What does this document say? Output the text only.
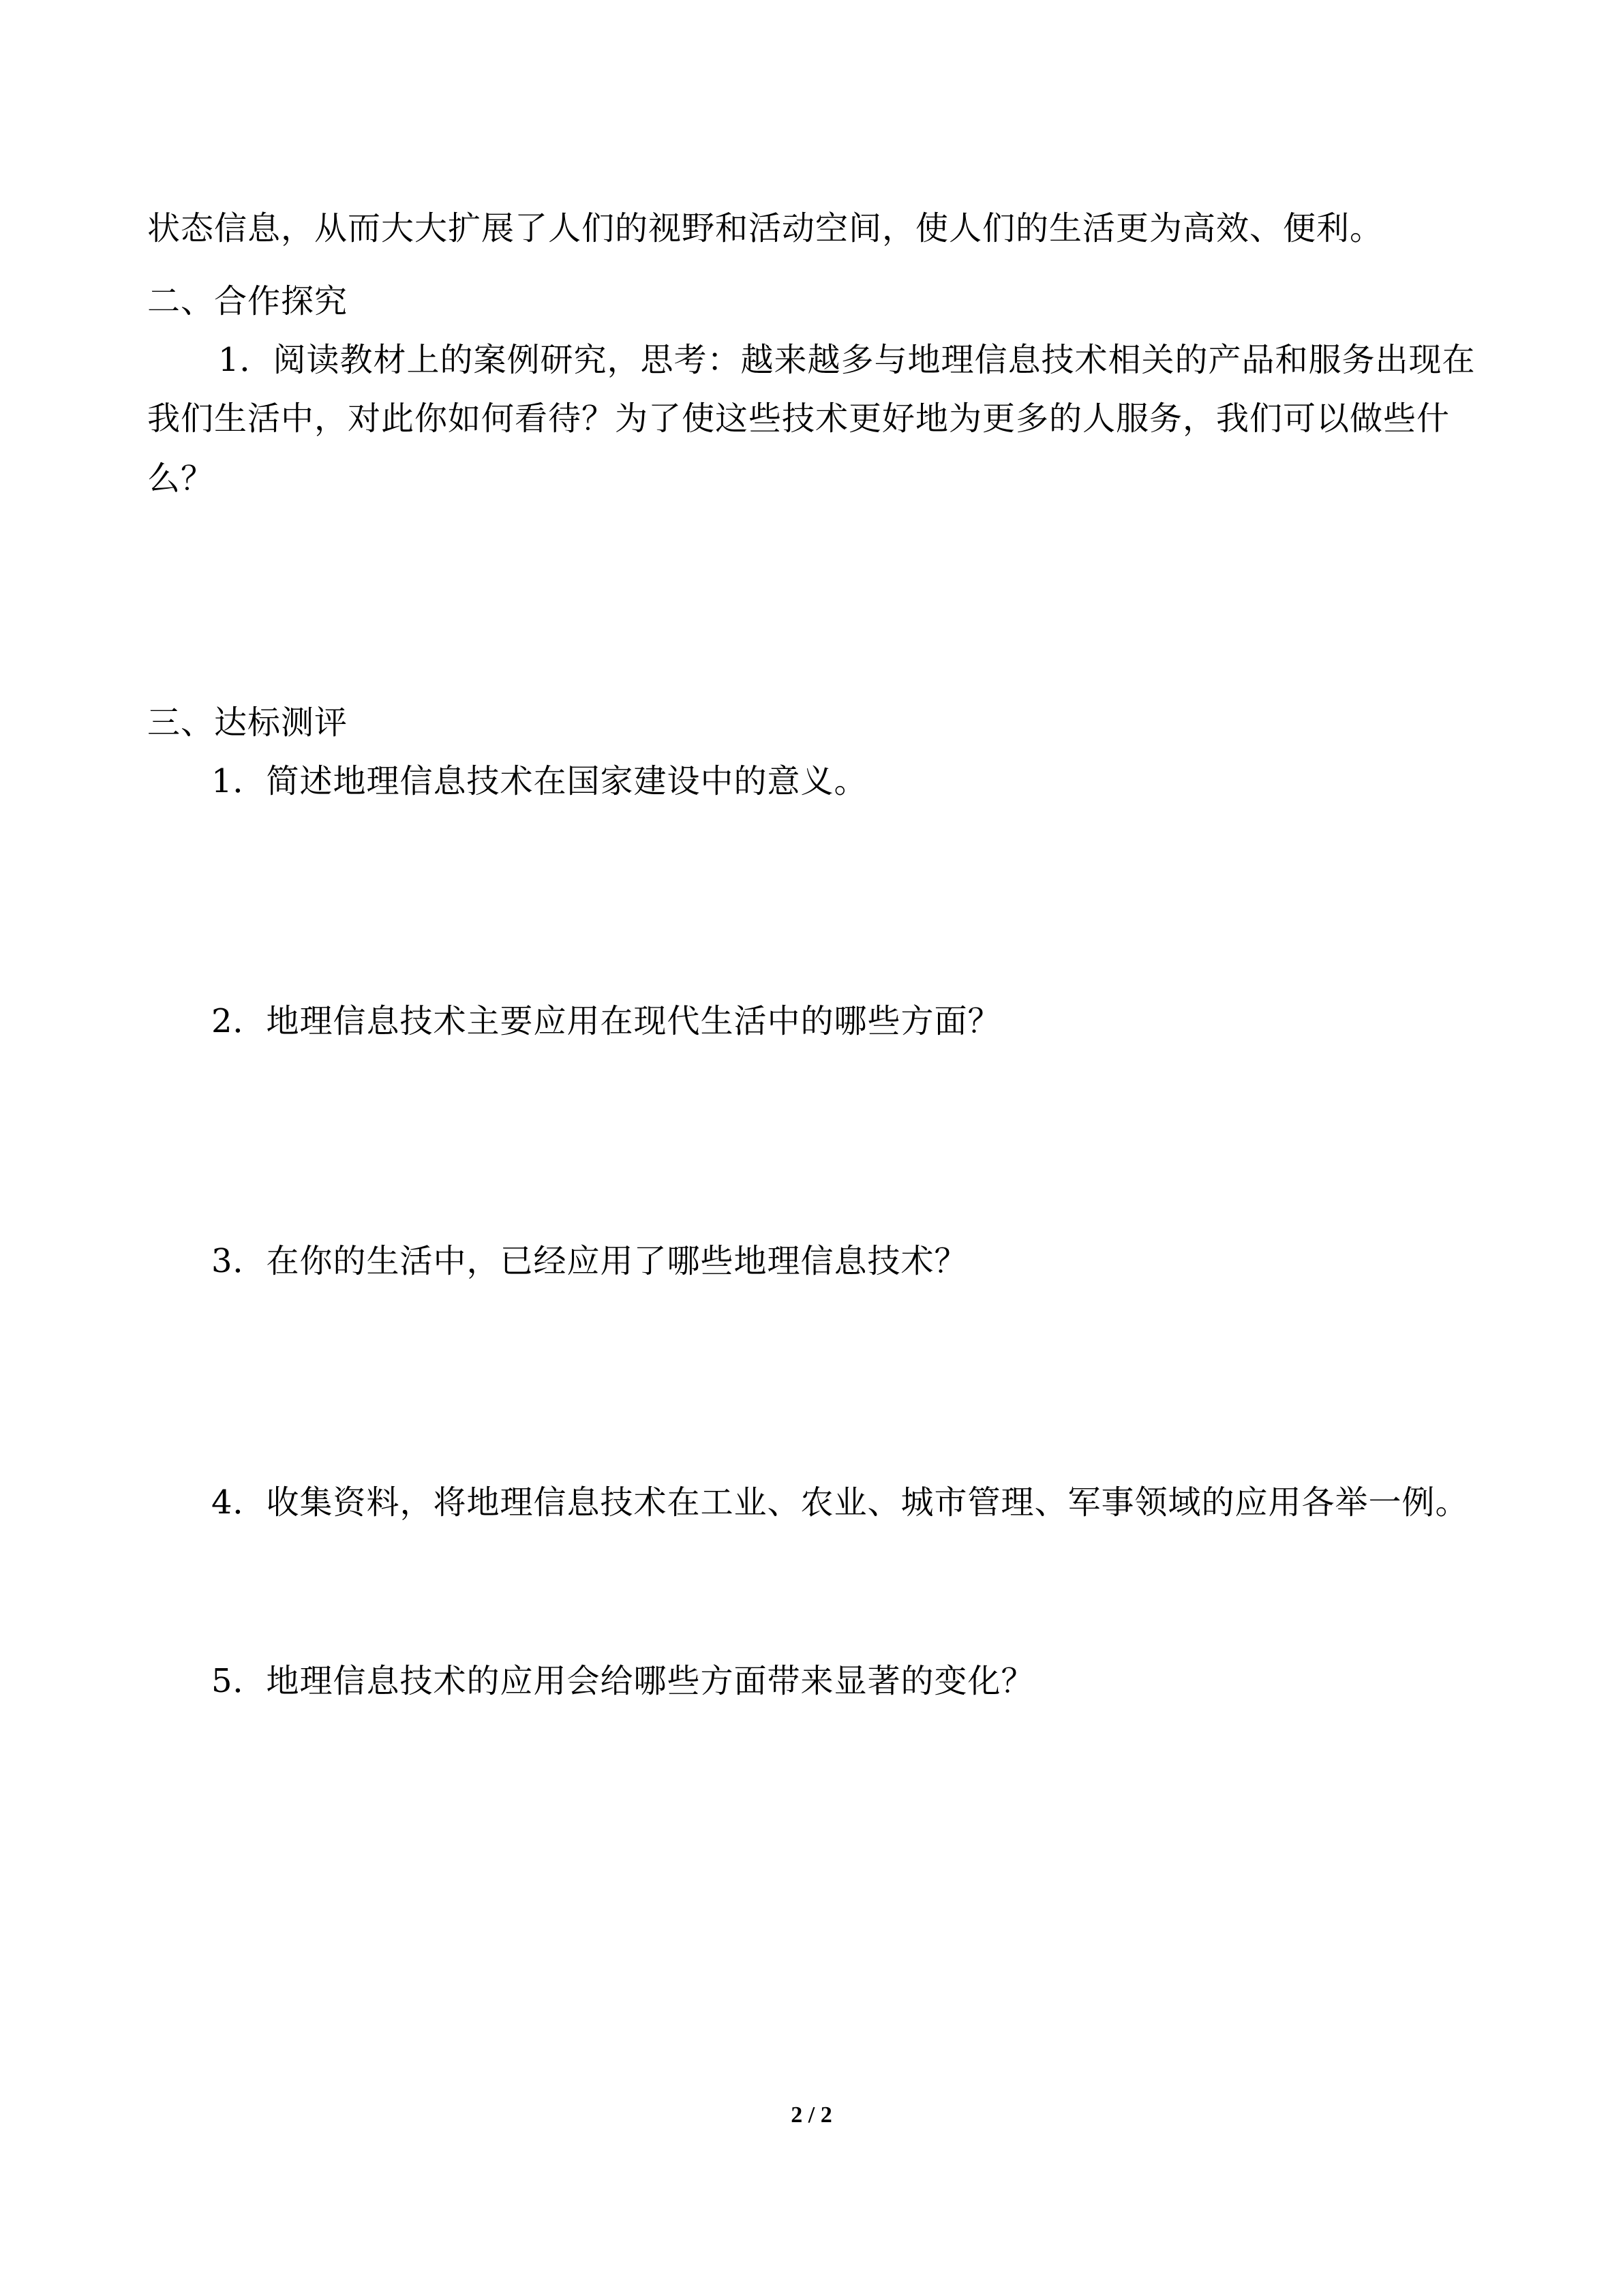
状态信息，从而大大扩展了人们的视野和活动空间，使人们的生活更为高效、便利。
二、合作探究
1．阅读教材上的案例研究，思考：越来越多与地理信息技术相关的产品和服务出现在
我们生活中，对此你如何看待？为了使这些技术更好地为更多的人服务，我们可以做些什
么？
三、达标测评
1．简述地理信息技术在国家建设中的意义。
2．地理信息技术主要应用在现代生活中的哪些方面？
3．在你的生活中，已经应用了哪些地理信息技术？
4．收集资料，将地理信息技术在工业、农业、城市管理、军事领域的应用各举一例。
5．地理信息技术的应用会给哪些方面带来显著的变化？
2 / 2
